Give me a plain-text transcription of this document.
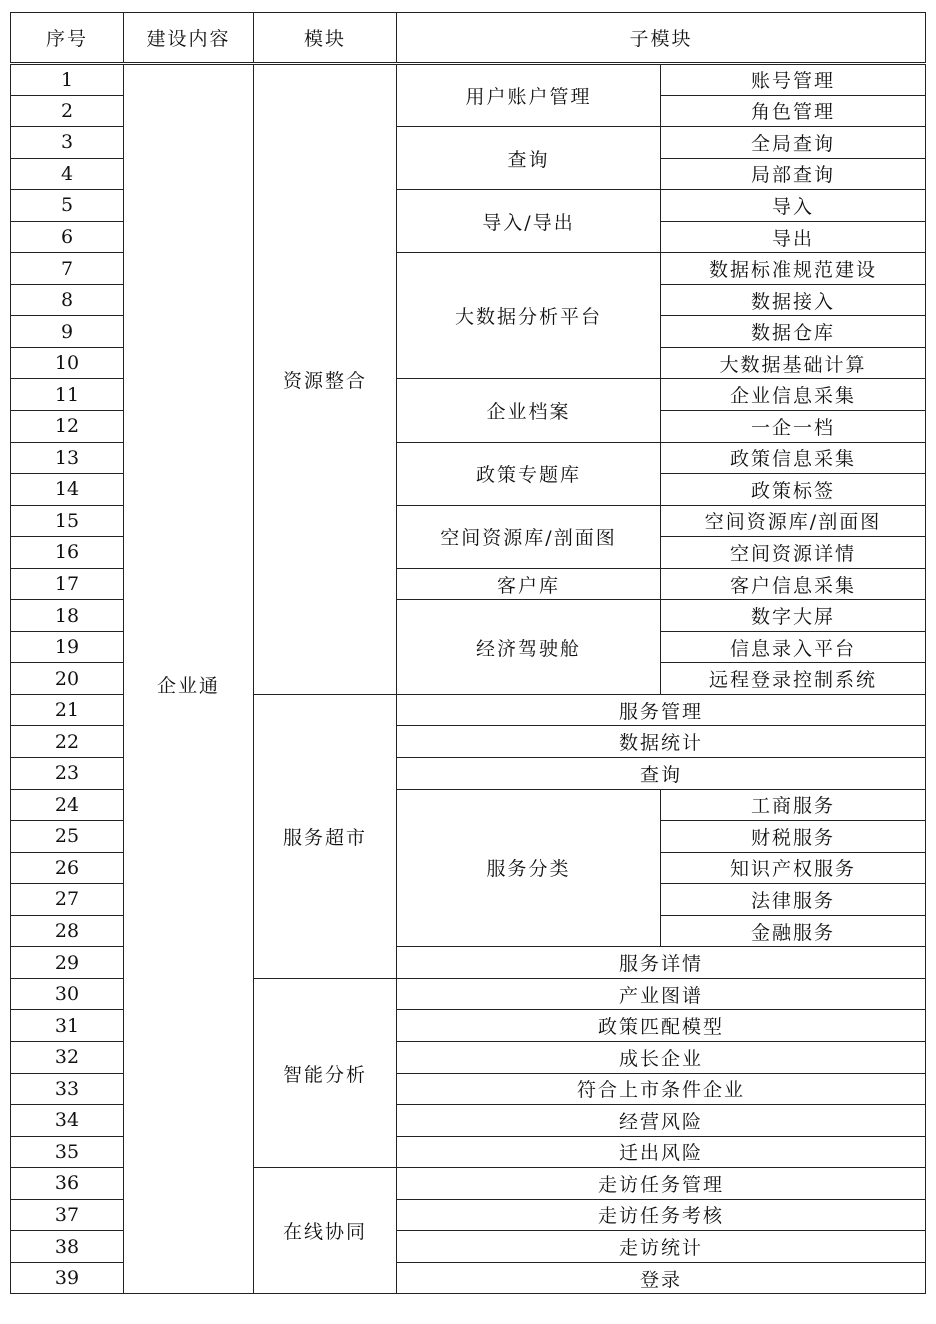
序号	建设内容	模块	子模块	
1	企业通	资源整合	用户账户管理	账号管理
2				角色管理
3			查询	全局查询
4				局部查询
5			导入/导出	导入
6				导出
7			大数据分析平台	数据标准规范建设
8				数据接入
9				数据仓库
10				大数据基础计算
11			企业档案	企业信息采集
12				一企一档
13			政策专题库	政策信息采集
14				政策标签
15			空间资源库/剖面图	空间资源库/剖面图
16				空间资源详情
17			客户库	客户信息采集
18			经济驾驶舱	数字大屏
19				信息录入平台
20				远程登录控制系统
21		服务超市	服务管理	
22			数据统计	
23			查询	
24			服务分类	工商服务
25				财税服务
26				知识产权服务
27				法律服务
28				金融服务
29			服务详情	
30		智能分析	产业图谱	
31			政策匹配模型	
32			成长企业	
33			符合上市条件企业	
34			经营风险	
35			迁出风险	
36		在线协同	走访任务管理	
37			走访任务考核	
38			走访统计	
39			登录	
